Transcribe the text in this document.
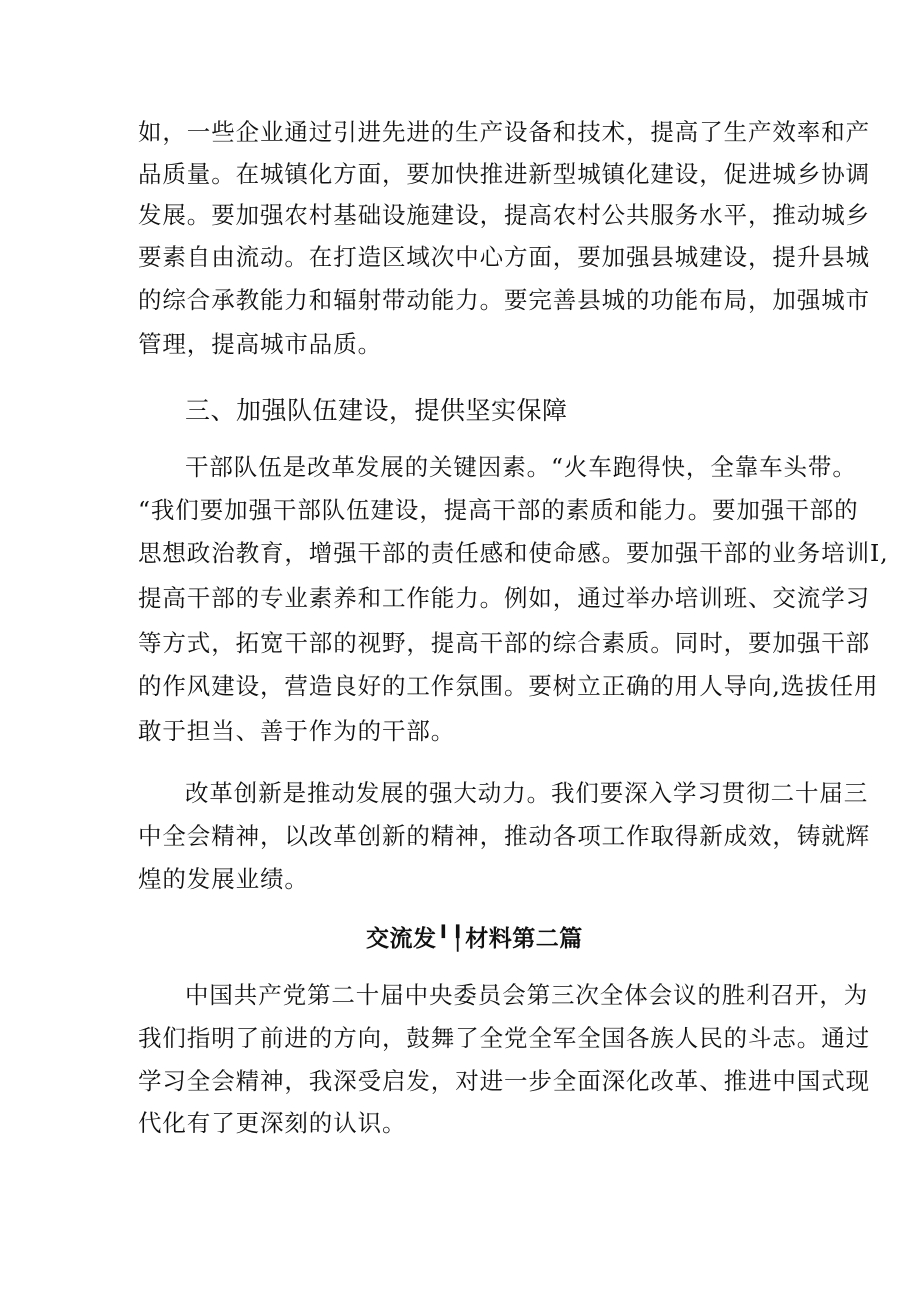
如，一些企业通过引进先进的生产设备和技术，提高了生产效率和产
品质量。在城镇化方面，要加快推进新型城镇化建设，促进城乡协调
发展。要加强农村基础设施建设，提高农村公共服务水平，推动城乡
要素自由流动。在打造区域次中心方面，要加强县城建设，提升县城
的综合承教能力和辐射带动能力。要完善县城的功能布局，加强城市
管理，提高城市品质。
三、加强队伍建设，提供坚实保障
干部队伍是改革发展的关键因素。“火车跑得快，全靠车头带。
“我们要加强干部队伍建设，提高干部的素质和能力。要加强干部的
思想政治教育，增强干部的责任感和使命感。要加强干部的业务培训I,
提高干部的专业素养和工作能力。例如，通过举办培训班、交流学习
等方式，拓宽干部的视野，提高干部的综合素质。同时，要加强干部
的作风建设，营造良好的工作氛围。要树立正确的用人导向,选拔任用
敢于担当、善于作为的干部。
改革创新是推动发展的强大动力。我们要深入学习贯彻二十届三
中全会精神，以改革创新的精神，推动各项工作取得新成效，铸就辉
煌的发展业绩。
交流发╹╿材料第二篇
中国共产党第二十届中央委员会第三次全体会议的胜利召开，为
我们指明了前进的方向，鼓舞了全党全军全国各族人民的斗志。通过
学习全会精神，我深受启发，对进一步全面深化改革、推进中国式现
代化有了更深刻的认识。
